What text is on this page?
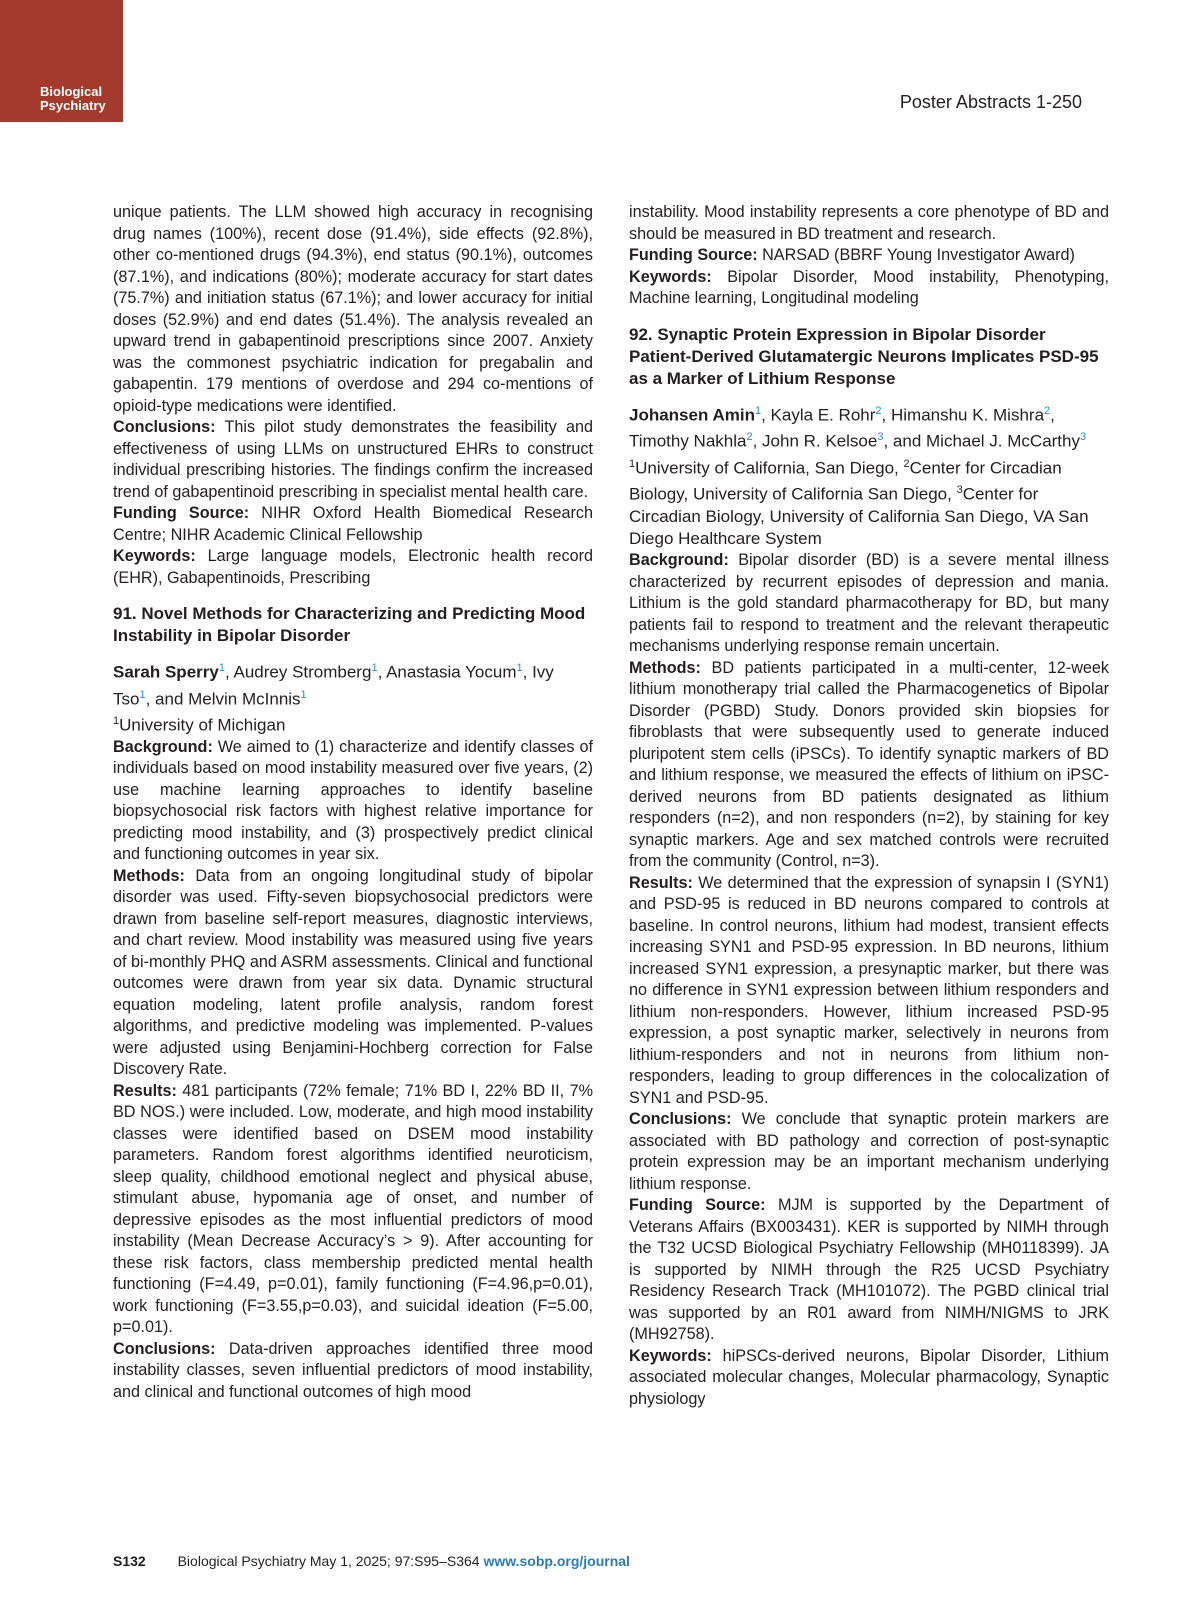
Biological
Psychiatry	Poster Abstracts 1-250

unique patients. The LLM showed high accuracy in recognising drug names (100%), recent dose (91.4%), side effects (92.8%), other co-mentioned drugs (94.3%), end status (90.1%), outcomes (87.1%), and indications (80%); moderate accuracy for start dates (75.7%) and initiation status (67.1%); and lower accuracy for initial doses (52.9%) and end dates (51.4%). The analysis revealed an upward trend in gabapentinoid prescriptions since 2007. Anxiety was the commonest psychiatric indication for pregabalin and gabapentin. 179 mentions of overdose and 294 co-mentions of opioid-type medications were identified.

Conclusions: This pilot study demonstrates the feasibility and effectiveness of using LLMs on unstructured EHRs to construct individual prescribing histories. The findings confirm the increased trend of gabapentinoid prescribing in specialist mental health care.

Funding Source: NIHR Oxford Health Biomedical Research Centre; NIHR Academic Clinical Fellowship

Keywords: Large language models, Electronic health record (EHR), Gabapentinoids, Prescribing

91. Novel Methods for Characterizing and Predicting Mood Instability in Bipolar Disorder

Sarah Sperry$^1$, Audrey Stromberg$^1$, Anastasia Yocum$^1$, Ivy Tso$^1$, and Melvin McInnis$^1$

$^1$University of Michigan

Background: We aimed to (1) characterize and identify classes of individuals based on mood instability measured over five years, (2) use machine learning approaches to identify baseline biopsychosocial risk factors with highest relative importance for predicting mood instability, and (3) prospectively predict clinical and functioning outcomes in year six.

Methods: Data from an ongoing longitudinal study of bipolar disorder was used. Fifty-seven biopsychosocial predictors were drawn from baseline self-report measures, diagnostic interviews, and chart review. Mood instability was measured using five years of bi-monthly PHQ and ASRM assessments. Clinical and functional outcomes were drawn from year six data. Dynamic structural equation modeling, latent profile analysis, random forest algorithms, and predictive modeling was implemented. P-values were adjusted using Benjamini-Hochberg correction for False Discovery Rate.

Results: 481 participants (72% female; 71% BD I, 22% BD II, 7% BD NOS.) were included. Low, moderate, and high mood instability classes were identified based on DSEM mood instability parameters. Random forest algorithms identified neuroticism, sleep quality, childhood emotional neglect and physical abuse, stimulant abuse, hypomania age of onset, and number of depressive episodes as the most influential predictors of mood instability (Mean Decrease Accuracy’s > 9). After accounting for these risk factors, class membership predicted mental health functioning (F=4.49, p=0.01), family functioning (F=4.96,p=0.01), work functioning (F=3.55,p=0.03), and suicidal ideation (F=5.00, p=0.01).

Conclusions: Data-driven approaches identified three mood instability classes, seven influential predictors of mood instability, and clinical and functional outcomes of high mood

instability. Mood instability represents a core phenotype of BD and should be measured in BD treatment and research.

Funding Source: NARSAD (BBRF Young Investigator Award)

Keywords: Bipolar Disorder, Mood instability, Phenotyping, Machine learning, Longitudinal modeling

92. Synaptic Protein Expression in Bipolar Disorder Patient-Derived Glutamatergic Neurons Implicates PSD-95 as a Marker of Lithium Response

Johansen Amin$^1$, Kayla E. Rohr$^2$, Himanshu K. Mishra$^2$, Timothy Nakhla$^2$, John R. Kelsoe$^3$, and Michael J. McCarthy$^3$

$^1$University of California, San Diego, $^2$Center for Circadian Biology, University of California San Diego, $^3$Center for Circadian Biology, University of California San Diego, VA San Diego Healthcare System

Background: Bipolar disorder (BD) is a severe mental illness characterized by recurrent episodes of depression and mania. Lithium is the gold standard pharmacotherapy for BD, but many patients fail to respond to treatment and the relevant therapeutic mechanisms underlying response remain uncertain.

Methods: BD patients participated in a multi-center, 12-week lithium monotherapy trial called the Pharmacogenetics of Bipolar Disorder (PGBD) Study. Donors provided skin biopsies for fibroblasts that were subsequently used to generate induced pluripotent stem cells (iPSCs). To identify synaptic markers of BD and lithium response, we measured the effects of lithium on iPSC-derived neurons from BD patients designated as lithium responders (n=2), and non responders (n=2), by staining for key synaptic markers. Age and sex matched controls were recruited from the community (Control, n=3).

Results: We determined that the expression of synapsin I (SYN1) and PSD-95 is reduced in BD neurons compared to controls at baseline. In control neurons, lithium had modest, transient effects increasing SYN1 and PSD-95 expression. In BD neurons, lithium increased SYN1 expression, a presynaptic marker, but there was no difference in SYN1 expression between lithium responders and lithium non-responders. However, lithium increased PSD-95 expression, a post synaptic marker, selectively in neurons from lithium-responders and not in neurons from lithium non-responders, leading to group differences in the colocalization of SYN1 and PSD-95.

Conclusions: We conclude that synaptic protein markers are associated with BD pathology and correction of post-synaptic protein expression may be an important mechanism underlying lithium response.

Funding Source: MJM is supported by the Department of Veterans Affairs (BX003431). KER is supported by NIMH through the T32 UCSD Biological Psychiatry Fellowship (MH0118399). JA is supported by NIMH through the R25 UCSD Psychiatry Residency Research Track (MH101072). The PGBD clinical trial was supported by an R01 award from NIMH/NIGMS to JRK (MH92758).

Keywords: hiPSCs-derived neurons, Bipolar Disorder, Lithium associated molecular changes, Molecular pharmacology, Synaptic physiology

S132 Biological Psychiatry May 1, 2025; 97:S95–S364 www.sobp.org/journal
